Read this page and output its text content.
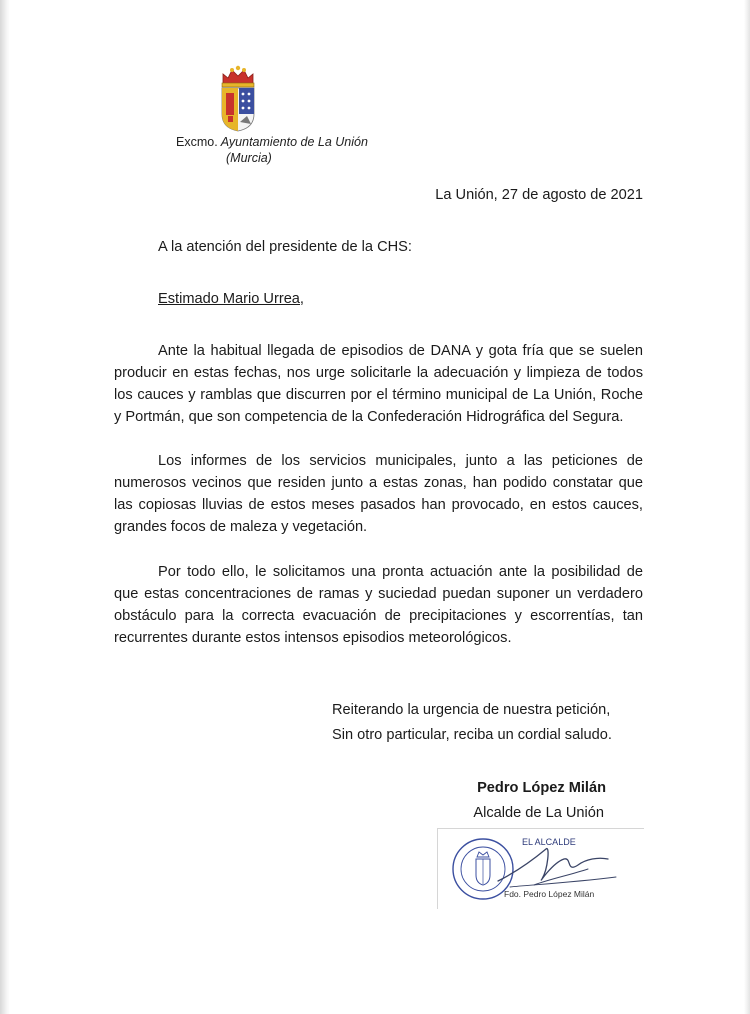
Excmo. Ayuntamiento de La Unión
(Murcia)
La Unión, 27 de agosto de 2021
A la atención del presidente de la CHS:
Estimado Mario Urrea,
Ante la habitual llegada de episodios de DANA y gota fría que se suelen producir en estas fechas, nos urge solicitarle la adecuación y limpieza de todos los cauces y ramblas que discurren por el término municipal de La Unión, Roche y Portmán, que son competencia de la Confederación Hidrográfica del Segura.
Los informes de los servicios municipales, junto a las peticiones de numerosos vecinos que residen junto a estas zonas, han podido constatar que las copiosas lluvias de estos meses pasados han provocado, en estos cauces, grandes focos de maleza y vegetación.
Por todo ello, le solicitamos una pronta actuación ante la posibilidad de que estas concentraciones de ramas y suciedad puedan suponer un verdadero obstáculo para la correcta evacuación de precipitaciones y escorrentías, tan recurrentes durante estos intensos episodios meteorológicos.
Reiterando la urgencia de nuestra petición,
Sin otro particular, reciba un cordial saludo.
Pedro López Milán
Alcalde de La Unión
EL ALCALDE
Fdo. Pedro López Milán
